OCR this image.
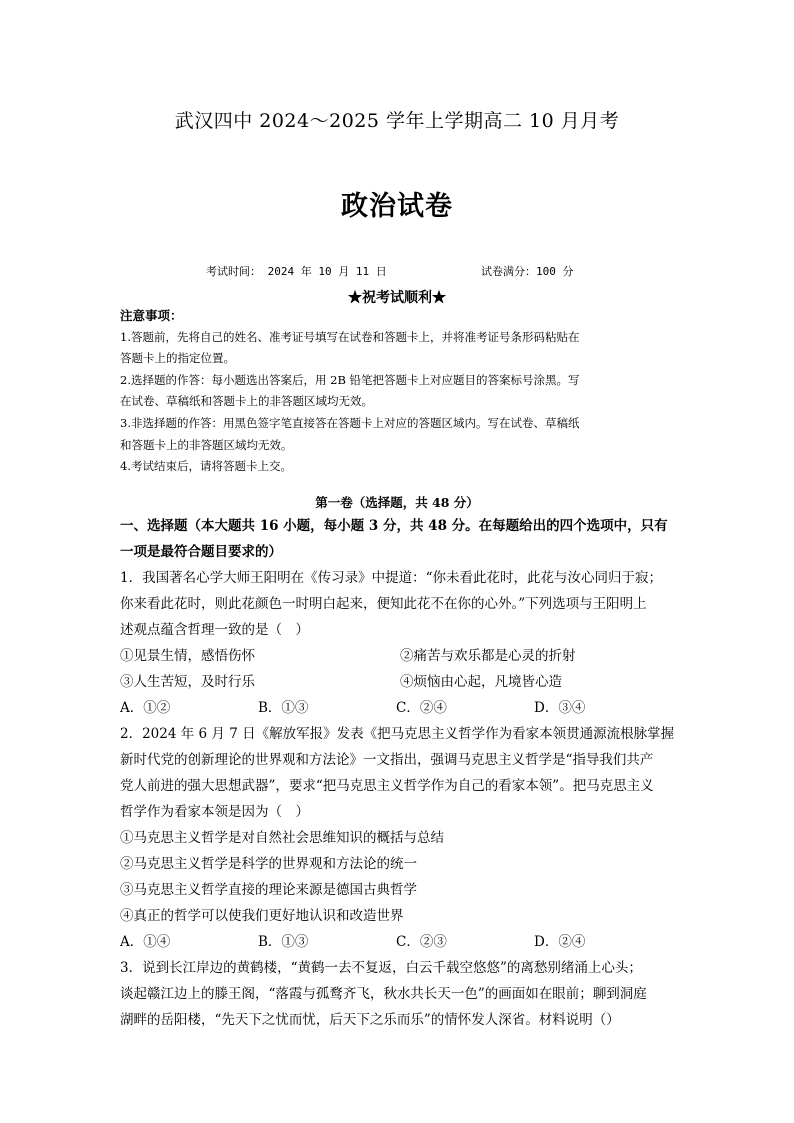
武汉四中 2024～2025 学年上学期高二 10 月月考
政治试卷
考试时间： 2024 年 10 月 11 日	试卷满分：100 分
★祝考试顺利★
注意事项：
1.答题前，先将自己的姓名、准考证号填写在试卷和答题卡上，并将准考证号条形码粘贴在
答题卡上的指定位置。
2.选择题的作答：每小题选出答案后，用 2B 铅笔把答题卡上对应题目的答案标号涂黑。写
在试卷、草稿纸和答题卡上的非答题区域均无效。
3.非选择题的作答：用黑色签字笔直接答在答题卡上对应的答题区域内。写在试卷、草稿纸
和答题卡上的非答题区域均无效。
4.考试结束后，请将答题卡上交。
第一卷（选择题，共 48 分）
一、选择题（本大题共 16 小题，每小题 3 分，共 48 分。在每题给出的四个选项中，只有
一项是最符合题目要求的）
1．我国著名心学大师王阳明在《传习录》中提道：“你未看此花时，此花与汝心同归于寂；
你来看此花时，则此花颜色一时明白起来，便知此花不在你的心外。”下列选项与王阳明上
述观点蕴含哲理一致的是（　）
①见景生情，感悟伤怀	②痛苦与欢乐都是心灵的折射
③人生苦短，及时行乐	④烦恼由心起，凡境皆心造
A．①②	B．①③	C．②④	D．③④
2．2024 年 6 月 7 日《解放军报》发表《把马克思主义哲学作为看家本领贯通源流根脉掌握
新时代党的创新理论的世界观和方法论》一文指出，强调马克思主义哲学是“指导我们共产
党人前进的强大思想武器”，要求“把马克思主义哲学作为自己的看家本领”。把马克思主义
哲学作为看家本领是因为（　）
①马克思主义哲学是对自然社会思维知识的概括与总结
②马克思主义哲学是科学的世界观和方法论的统一
③马克思主义哲学直接的理论来源是德国古典哲学
④真正的哲学可以使我们更好地认识和改造世界
A．①④	B．①③	C．②③	D．②④
3．说到长江岸边的黄鹤楼，“黄鹤一去不复返，白云千载空悠悠”的离愁别绪涌上心头；
谈起赣江边上的滕王阁，“落霞与孤鹜齐飞，秋水共长天一色”的画面如在眼前；聊到洞庭
湖畔的岳阳楼，“先天下之忧而忧，后天下之乐而乐”的情怀发人深省。材料说明（）
